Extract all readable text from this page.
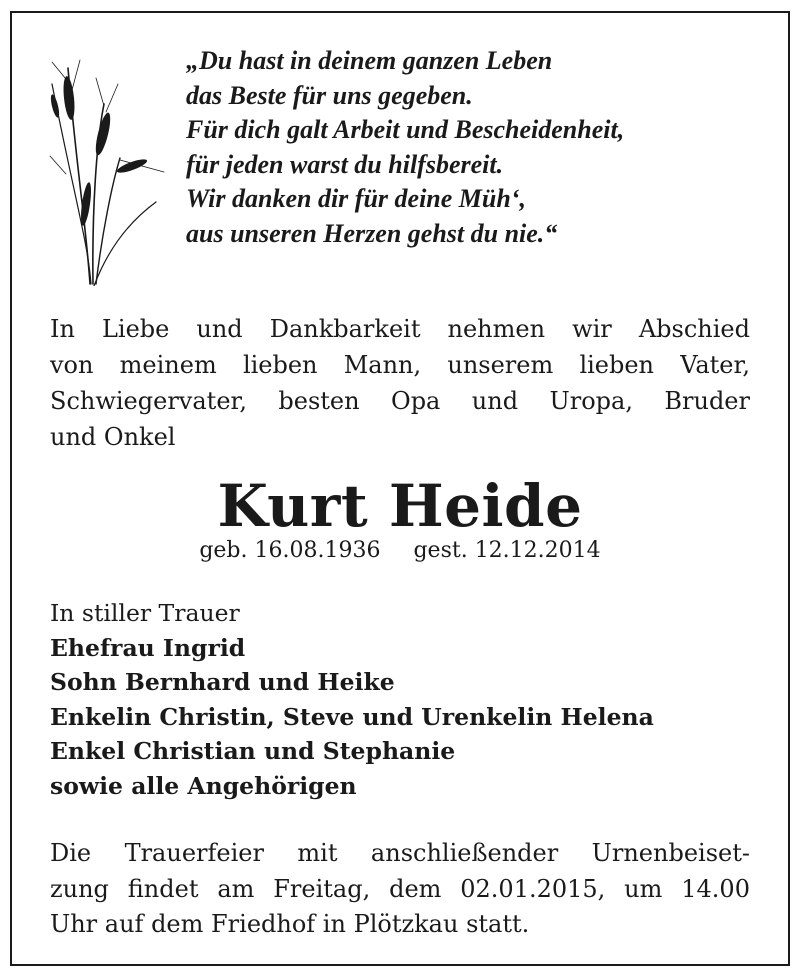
„Du hast in deinem ganzen Leben
das Beste für uns gegeben.
Für dich galt Arbeit und Bescheidenheit,
für jeden warst du hilfsbereit.
Wir danken dir für deine Müh‘,
aus unseren Herzen gehst du nie.“
In Liebe und Dankbarkeit nehmen wir Abschied
von meinem lieben Mann, unserem lieben Vater,
Schwiegervater, besten Opa und Uropa, Bruder
und Onkel
Kurt Heide
geb. 16.08.1936 gest. 12.12.2014
In stiller Trauer
Ehefrau Ingrid
Sohn Bernhard und Heike
Enkelin Christin, Steve und Urenkelin Helena
Enkel Christian und Stephanie
sowie alle Angehörigen
Die Trauerfeier mit anschließender Urnenbeiset-
zung findet am Freitag, dem 02.01.2015, um 14.00
Uhr auf dem Friedhof in Plötzkau statt.
